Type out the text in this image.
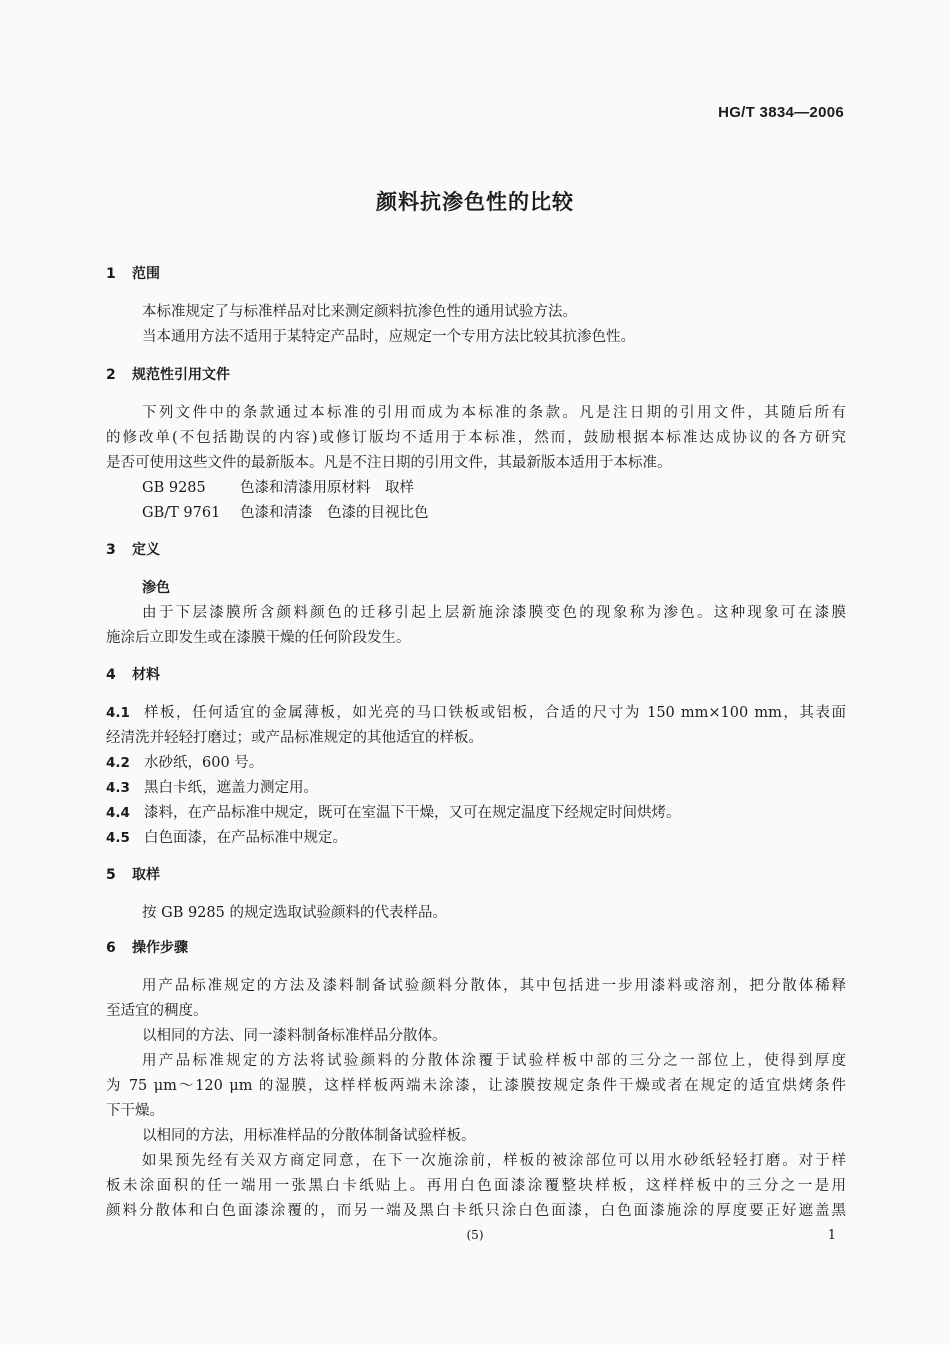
HG/T 3834—2006
颜料抗渗色性的比较
1 范围
本标准规定了与标准样品对比来测定颜料抗渗色性的通用试验方法。
当本通用方法不适用于某特定产品时，应规定一个专用方法比较其抗渗色性。
2 规范性引用文件
下列文件中的条款通过本标准的引用而成为本标准的条款。凡是注日期的引用文件，其随后所有
的修改单(不包括勘误的内容)或修订版均不适用于本标准，然而，鼓励根据本标准达成协议的各方研究
是否可使用这些文件的最新版本。凡是不注日期的引用文件，其最新版本适用于本标准。
GB 9285 色漆和清漆用原材料　取样
GB/T 9761 色漆和清漆　色漆的目视比色
3 定义
渗色
由于下层漆膜所含颜料颜色的迁移引起上层新施涂漆膜变色的现象称为渗色。这种现象可在漆膜
施涂后立即发生或在漆膜干燥的任何阶段发生。
4 材料
4.1 样板，任何适宜的金属薄板，如光亮的马口铁板或铝板，合适的尺寸为 150 mm×100 mm，其表面
经清洗并轻轻打磨过；或产品标准规定的其他适宜的样板。
4.2 水砂纸，600 号。
4.3 黑白卡纸，遮盖力测定用。
4.4 漆料，在产品标准中规定，既可在室温下干燥，又可在规定温度下经规定时间烘烤。
4.5 白色面漆，在产品标准中规定。
5 取样
按 GB 9285 的规定选取试验颜料的代表样品。
6 操作步骤
用产品标准规定的方法及漆料制备试验颜料分散体，其中包括进一步用漆料或溶剂，把分散体稀释
至适宜的稠度。
以相同的方法、同一漆料制备标准样品分散体。
用产品标准规定的方法将试验颜料的分散体涂覆于试验样板中部的三分之一部位上，使得到厚度
为 75 μm～120 μm 的湿膜，这样样板两端未涂漆，让漆膜按规定条件干燥或者在规定的适宜烘烤条件
下干燥。
以相同的方法，用标准样品的分散体制备试验样板。
如果预先经有关双方商定同意，在下一次施涂前，样板的被涂部位可以用水砂纸轻轻打磨。对于样
板未涂面积的任一端用一张黑白卡纸贴上。再用白色面漆涂覆整块样板，这样样板中的三分之一是用
颜料分散体和白色面漆涂覆的，而另一端及黑白卡纸只涂白色面漆，白色面漆施涂的厚度要正好遮盖黑
(5)	1
